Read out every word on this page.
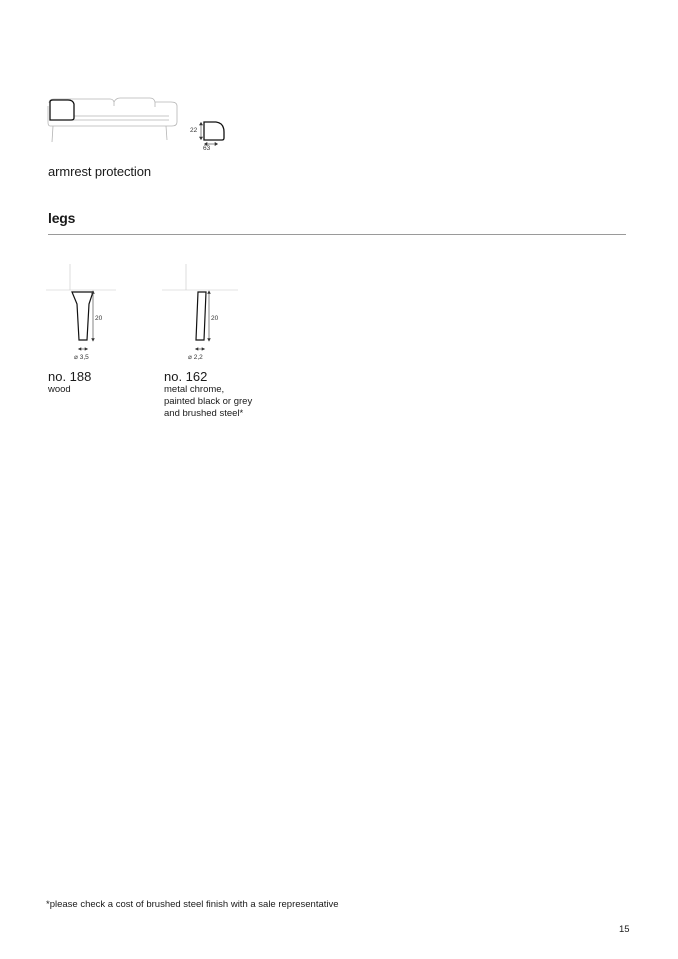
22
63
armrest protection
legs
20
⌀ 3,5
20
⌀ 2,2
no. 188
wood
no. 162
metal chrome,
painted black or grey
and brushed steel*
*please check a cost of brushed steel finish with a sale representative
15
